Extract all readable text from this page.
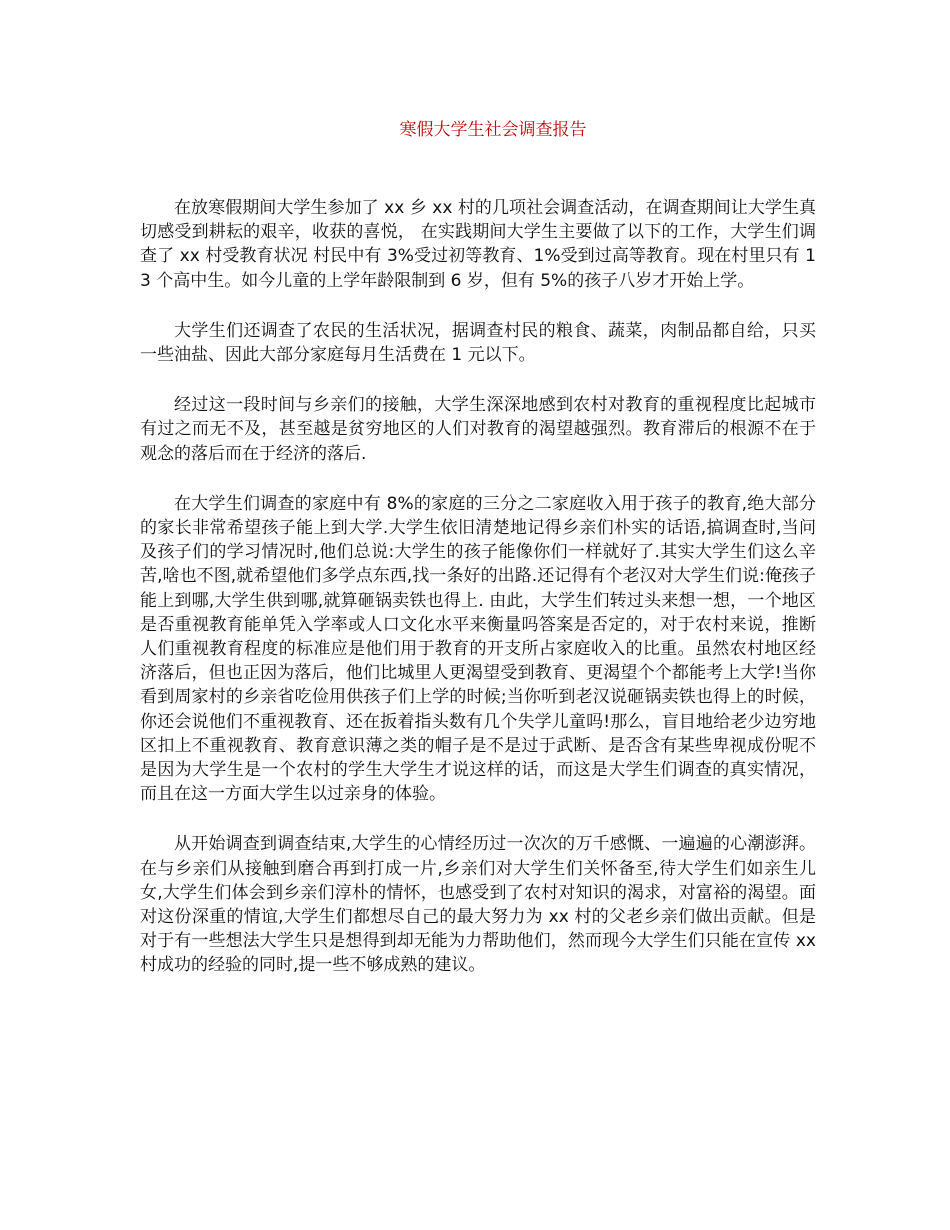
寒假大学生社会调查报告

在放寒假期间大学生参加了 xx 乡 xx 村的几项社会调查活动，在调查期间让大学生真切感受到耕耘的艰辛，收获的喜悦， 在实践期间大学生主要做了以下的工作，大学生们调查了 xx 村受教育状况 村民中有 3%受过初等教育、1%受到过高等教育。现在村里只有 13 个高中生。如今儿童的上学年龄限制到 6 岁，但有 5%的孩子八岁才开始上学。

大学生们还调查了农民的生活状况，据调查村民的粮食、蔬菜，肉制品都自给，只买一些油盐、因此大部分家庭每月生活费在 1 元以下。

经过这一段时间与乡亲们的接触，大学生深深地感到农村对教育的重视程度比起城市有过之而无不及，甚至越是贫穷地区的人们对教育的渴望越强烈。教育滞后的根源不在于观念的落后而在于经济的落后.

在大学生们调查的家庭中有 8%的家庭的三分之二家庭收入用于孩子的教育,绝大部分的家长非常希望孩子能上到大学.大学生依旧清楚地记得乡亲们朴实的话语,搞调查时,当问及孩子们的学习情况时,他们总说:大学生的孩子能像你们一样就好了.其实大学生们这么辛苦,啥也不图,就希望他们多学点东西,找一条好的出路.还记得有个老汉对大学生们说:俺孩子能上到哪,大学生供到哪,就算砸锅卖铁也得上. 由此，大学生们转过头来想一想，一个地区是否重视教育能单凭入学率或人口文化水平来衡量吗答案是否定的，对于农村来说，推断人们重视教育程度的标准应是他们用于教育的开支所占家庭收入的比重。虽然农村地区经济落后，但也正因为落后，他们比城里人更渴望受到教育、更渴望个个都能考上大学!当你看到周家村的乡亲省吃俭用供孩子们上学的时候;当你听到老汉说砸锅卖铁也得上的时候，你还会说他们不重视教育、还在扳着指头数有几个失学儿童吗!那么，盲目地给老少边穷地区扣上不重视教育、教育意识薄之类的帽子是不是过于武断、是否含有某些卑视成份呢不是因为大学生是一个农村的学生大学生才说这样的话，而这是大学生们调查的真实情况，而且在这一方面大学生以过亲身的体验。

从开始调查到调查结束,大学生的心情经历过一次次的万千感慨、一遍遍的心潮澎湃。在与乡亲们从接触到磨合再到打成一片,乡亲们对大学生们关怀备至,待大学生们如亲生儿女,大学生们体会到乡亲们淳朴的情怀，也感受到了农村对知识的渴求，对富裕的渴望。面对这份深重的情谊,大学生们都想尽自己的最大努力为 xx 村的父老乡亲们做出贡献。但是对于有一些想法大学生只是想得到却无能为力帮助他们，然而现今大学生们只能在宣传 xx 村成功的经验的同时,提一些不够成熟的建议。
